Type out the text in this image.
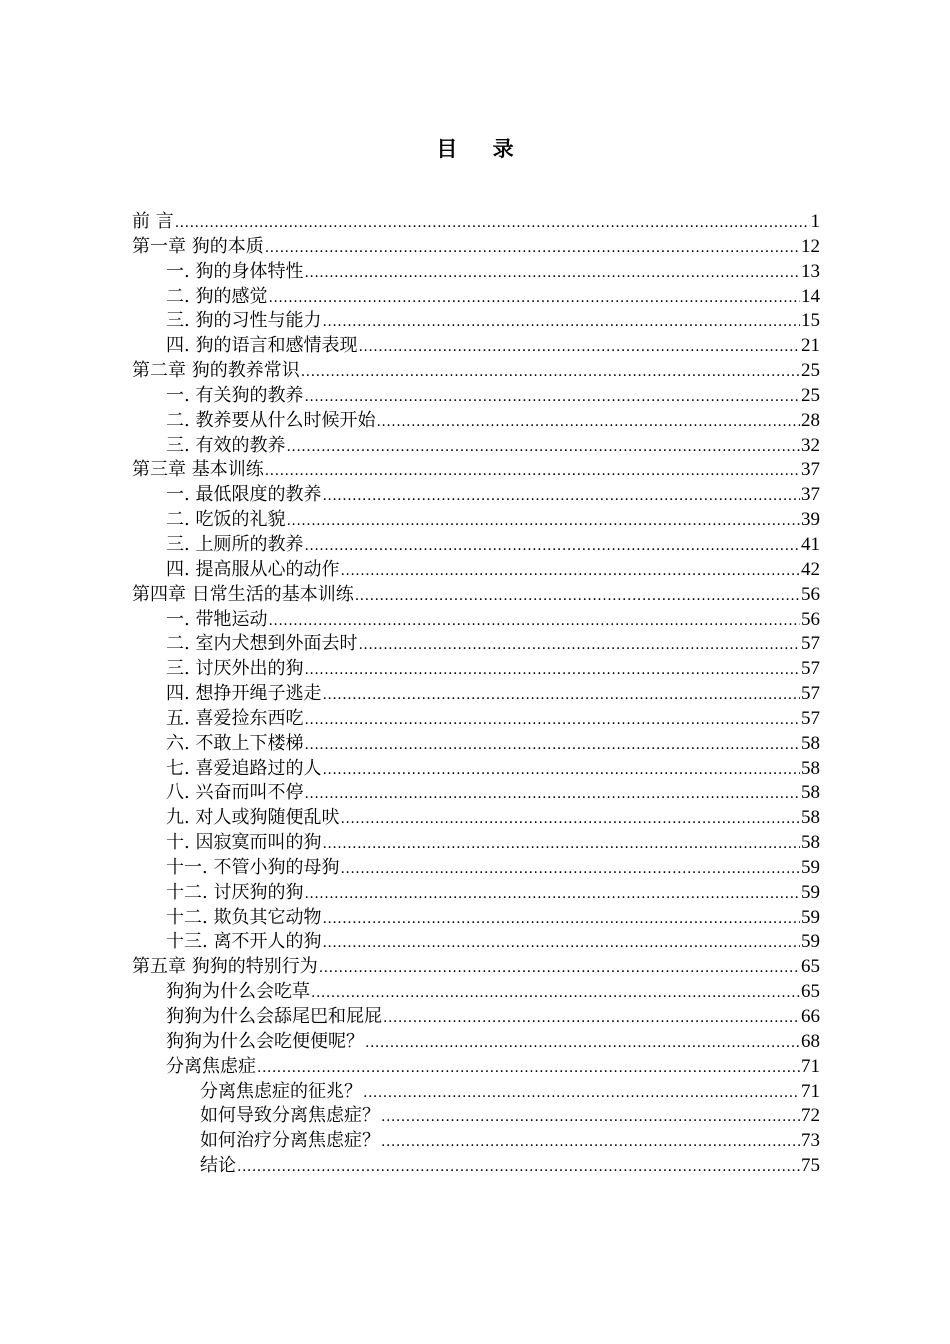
目 录
前 言 .....	1
第一章 狗的本质 .....	12
一. 狗的身体特性 .....	13
二. 狗的感觉 .....	14
三. 狗的习性与能力 .....	15
四. 狗的语言和感情表现 .....	21
第二章 狗的教养常识 .....	25
一. 有关狗的教养 .....	25
二. 教养要从什么时候开始 .....	28
三. 有效的教养 .....	32
第三章 基本训练 .....	37
一. 最低限度的教养 .....	37
二. 吃饭的礼貌 .....	39
三. 上厕所的教养 .....	41
四. 提高服从心的动作 .....	42
第四章 日常生活的基本训练 .....	56
一. 带牠运动 .....	56
二. 室内犬想到外面去时 .....	57
三. 讨厌外出的狗 .....	57
四. 想挣开绳子逃走 .....	57
五. 喜爱捡东西吃 .....	57
六. 不敢上下楼梯 .....	58
七. 喜爱追路过的人 .....	58
八. 兴奋而叫不停 .....	58
九. 对人或狗随便乱吠 .....	58
十. 因寂寞而叫的狗 .....	58
十一. 不管小狗的母狗 .....	59
十二. 讨厌狗的狗 .....	59
十二. 欺负其它动物 .....	59
十三. 离不开人的狗 .....	59
第五章 狗狗的特别行为 .....	65
狗狗为什么会吃草 .....	65
狗狗为什么会舔尾巴和屁屁 .....	66
狗狗为什么会吃便便呢？ .....	68
分离焦虑症 .....	71
分离焦虑症的征兆？ .....	71
如何导致分离焦虑症？ .....	72
如何治疗分离焦虑症？ .....	73
结论 .....	75
